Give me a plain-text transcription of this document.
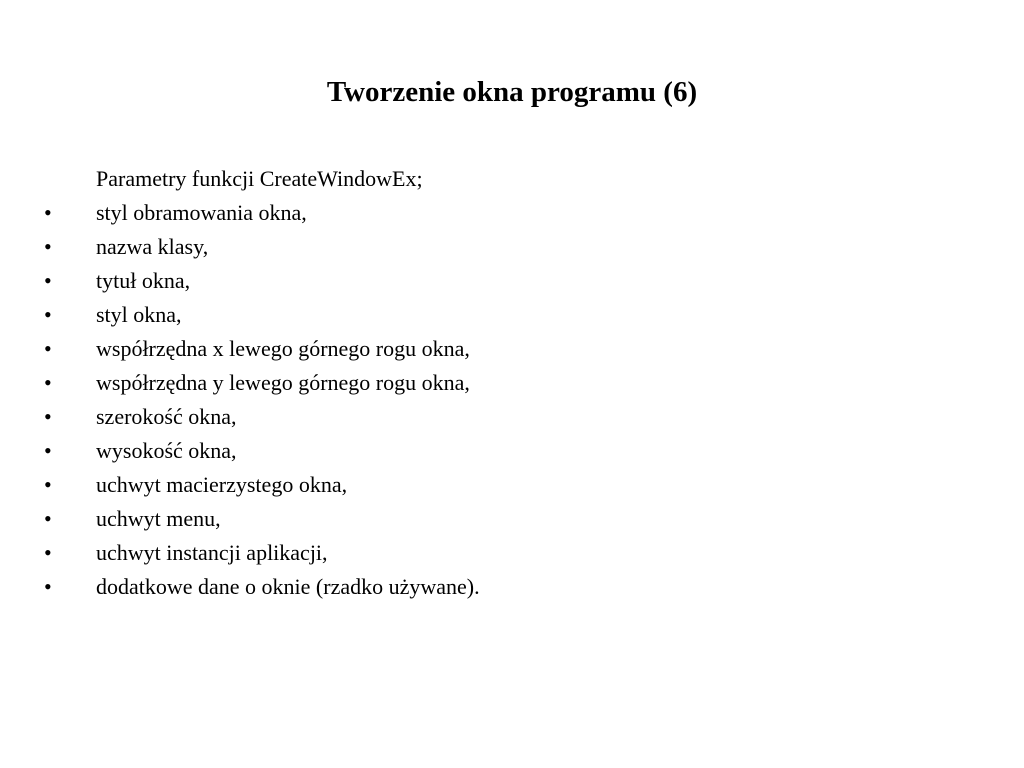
Tworzenie okna programu (6)
Parametry funkcji CreateWindowEx;
• styl obramowania okna,
• nazwa klasy,
• tytuł okna,
• styl okna,
• współrzędna x lewego górnego rogu okna,
• współrzędna y lewego górnego rogu okna,
• szerokość okna,
• wysokość okna,
• uchwyt macierzystego okna,
• uchwyt menu,
• uchwyt instancji aplikacji,
• dodatkowe dane o oknie (rzadko używane).
